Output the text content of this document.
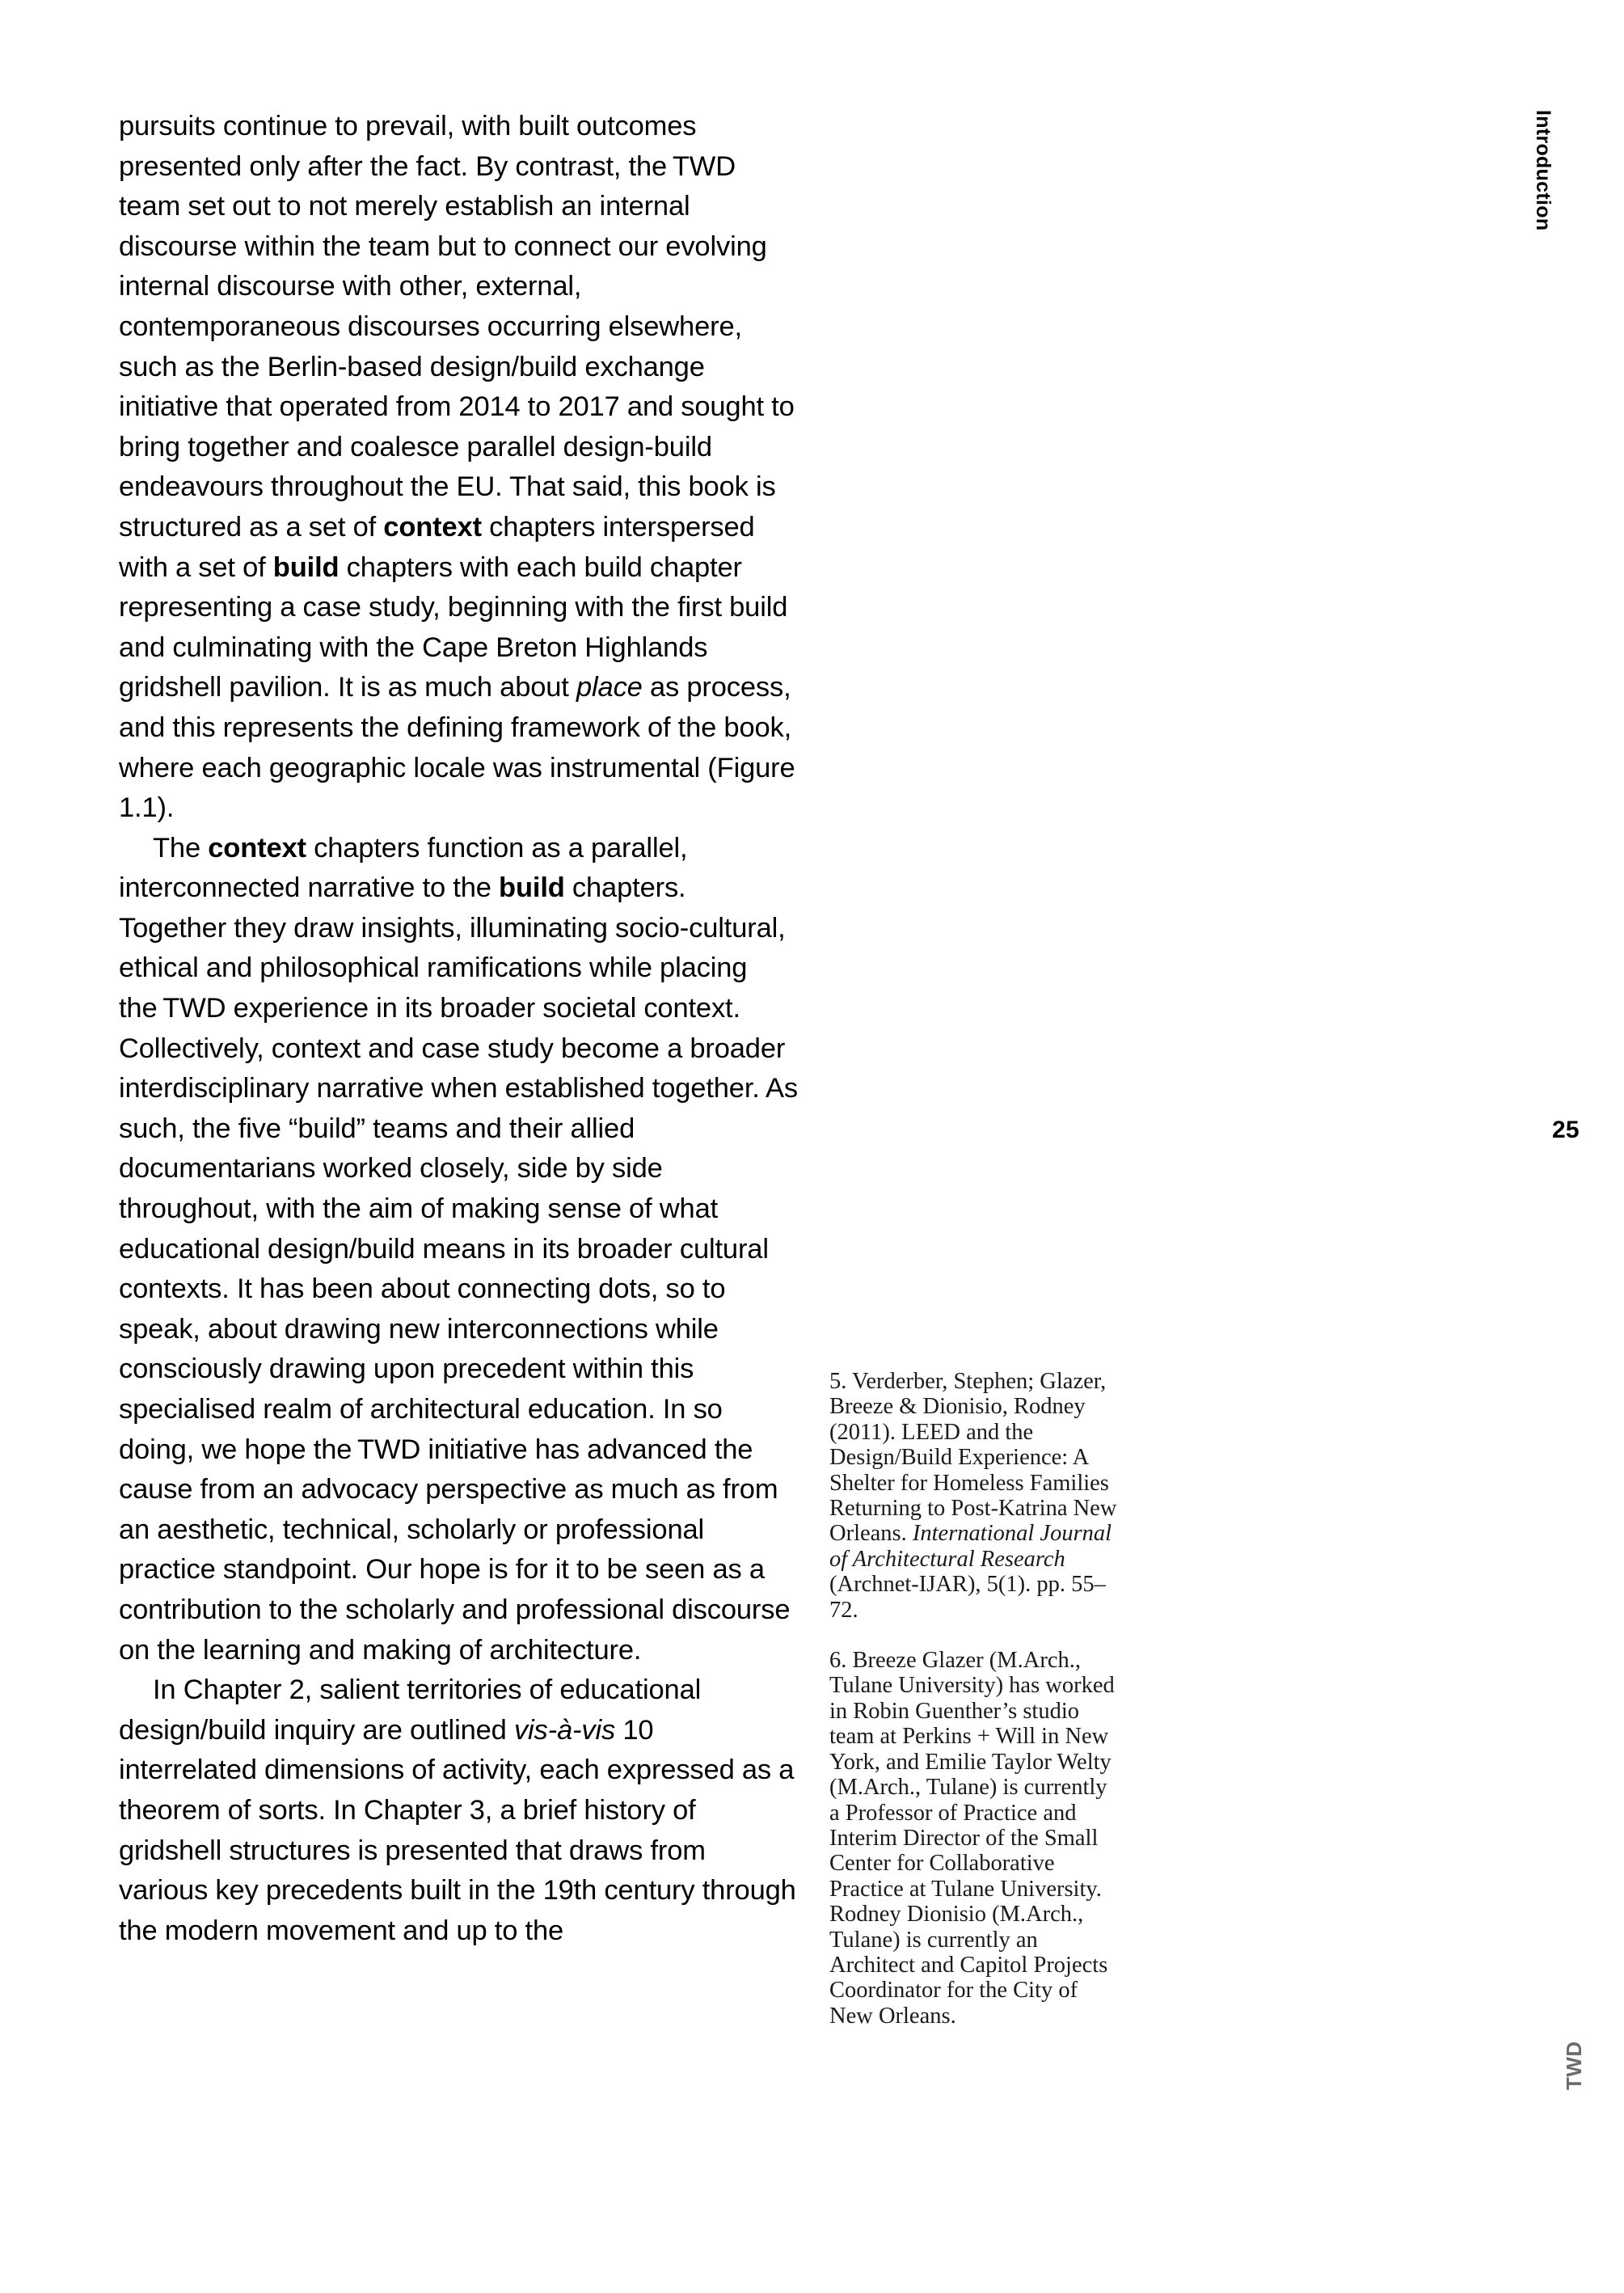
pursuits continue to prevail, with built outcomes presented only after the fact. By contrast, the  TWD team set out to not merely establish an internal discourse within the team but to connect our evolving internal discourse with other, external, contemporaneous discourses occurring elsewhere, such as the Berlin-based design/build exchange initiative that operated from 2014 to 2017 and sought to bring together and coalesce parallel design-build endeavours throughout the EU. That said, this book is structured as a set of context chapters interspersed with a set of build chapters with each build chapter representing a case study, beginning with the first build and culminating with the Cape Breton Highlands gridshell pavilion. It is as much about place as process, and this represents the defining framework of the book, where each geographic locale was instrumental (Figure 1.1).

The context chapters function as a parallel, interconnected narrative to the build chapters. Together they draw insights, illuminating socio-cultural, ethical and philosophical ramifications while placing the  TWD experience in its broader societal context. Collectively, context and case study become a broader interdisciplinary narrative when established together. As such, the five “build” teams and their allied documentarians worked closely, side by side throughout, with the aim of making sense of what educational design/build means in its broader cultural contexts. It has been about connecting dots, so to speak, about drawing new interconnections while consciously drawing upon precedent within this specialised realm of architectural education. In so doing, we hope the  TWD initiative has advanced the cause from an advocacy perspective as much as from an aesthetic, technical, scholarly or professional practice standpoint. Our hope is for it to be seen as a contribution to the scholarly and professional discourse on the learning and making of architecture.

In Chapter 2, salient territories of educational design/build inquiry are outlined vis-à-vis 10 interrelated dimensions of activity, each expressed as a theorem of sorts. In Chapter 3, a brief history of gridshell structures is presented that draws from various key precedents built in the 19th century through the modern movement and up to the

5. Verderber, Stephen; Glazer, Breeze & Dionisio, Rodney (2011). LEED and the Design/Build Experience: A Shelter for Homeless Families Returning to Post-Katrina New Orleans. International Journal of Architectural Research (Archnet-IJAR), 5(1). pp. 55–72.

6. Breeze Glazer (M.Arch., Tulane University) has worked in Robin Guenther’s studio team at Perkins + Will in New York, and Emilie Taylor Welty (M.Arch., Tulane) is currently a Professor of Practice and Interim Director of the Small Center for Collaborative Practice at Tulane University. Rodney Dionisio (M.Arch., Tulane) is currently an Architect and Capitol Projects Coordinator for the City of New Orleans.

Introduction
25
TWD
